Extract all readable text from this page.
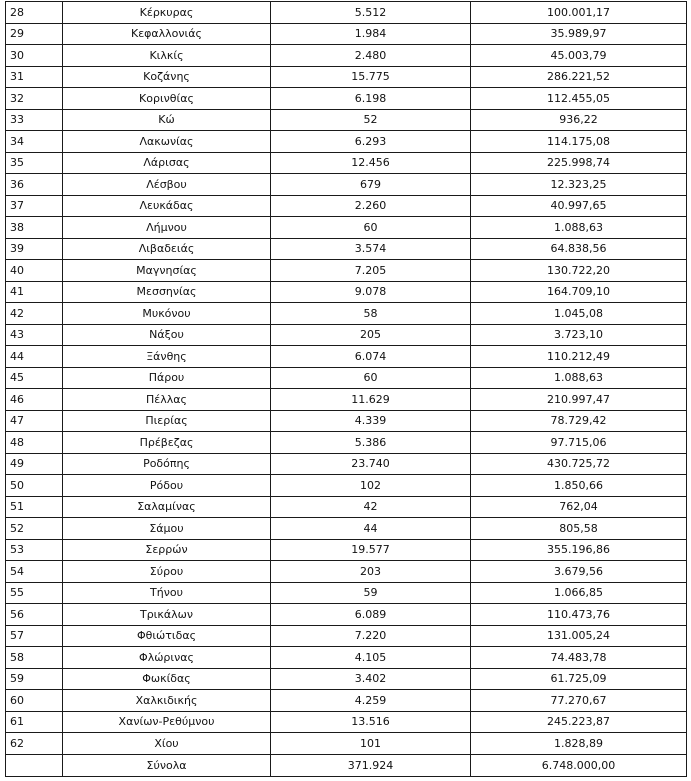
28	Κέρκυρας	5.512	100.001,17
29	Κεφαλλονιάς	1.984	35.989,97
30	Κιλκίς	2.480	45.003,79
31	Κοζάνης	15.775	286.221,52
32	Κορινθίας	6.198	112.455,05
33	Κώ	52	936,22
34	Λακωνίας	6.293	114.175,08
35	Λάρισας	12.456	225.998,74
36	Λέσβου	679	12.323,25
37	Λευκάδας	2.260	40.997,65
38	Λήμνου	60	1.088,63
39	Λιβαδειάς	3.574	64.838,56
40	Μαγνησίας	7.205	130.722,20
41	Μεσσηνίας	9.078	164.709,10
42	Μυκόνου	58	1.045,08
43	Νάξου	205	3.723,10
44	Ξάνθης	6.074	110.212,49
45	Πάρου	60	1.088,63
46	Πέλλας	11.629	210.997,47
47	Πιερίας	4.339	78.729,42
48	Πρέβεζας	5.386	97.715,06
49	Ροδόπης	23.740	430.725,72
50	Ρόδου	102	1.850,66
51	Σαλαμίνας	42	762,04
52	Σάμου	44	805,58
53	Σερρών	19.577	355.196,86
54	Σύρου	203	3.679,56
55	Τήνου	59	1.066,85
56	Τρικάλων	6.089	110.473,76
57	Φθιώτιδας	7.220	131.005,24
58	Φλώρινας	4.105	74.483,78
59	Φωκίδας	3.402	61.725,09
60	Χαλκιδικής	4.259	77.270,67
61	Χανίων-Ρεθύμνου	13.516	245.223,87
62	Χίου	101	1.828,89
	Σύνολα	371.924	6.748.000,00
